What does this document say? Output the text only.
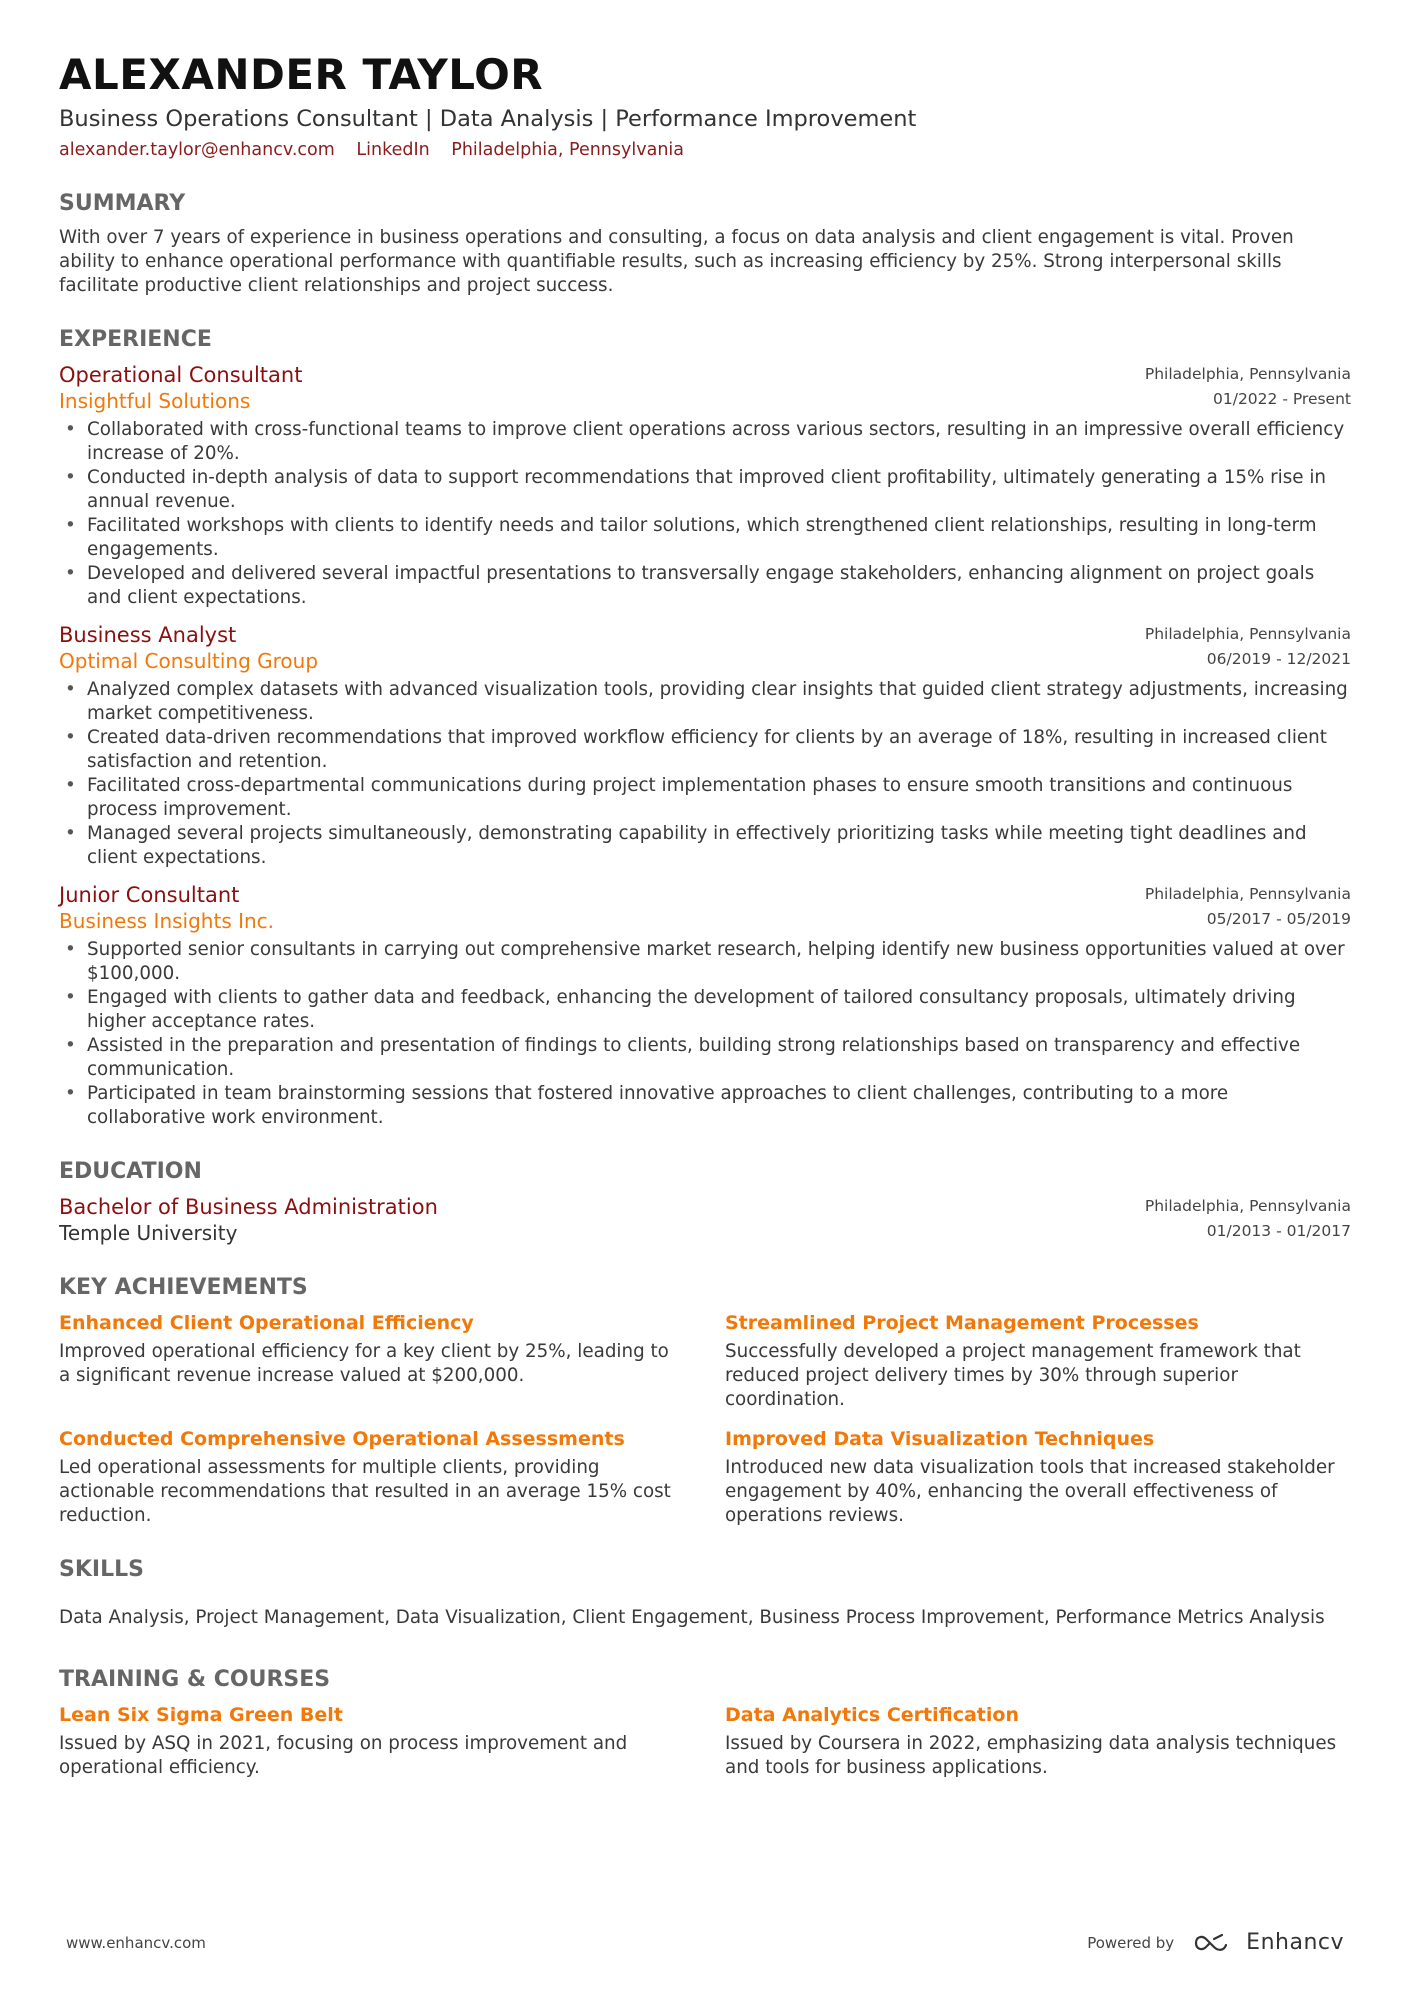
ALEXANDER TAYLOR
Business Operations Consultant | Data Analysis | Performance Improvement
alexander.taylor@enhancv.com LinkedIn Philadelphia, Pennsylvania
SUMMARY

With over 7 years of experience in business operations and consulting, a focus on data analysis and client engagement is vital. Proven ability to enhance operational performance with quantifiable results, such as increasing efficiency by 25%. Strong interpersonal skills facilitate productive client relationships and project success.

EXPERIENCE
Operational Consultant
Insightful Solutions
Philadelphia, Pennsylvania
01/2022 - Present
• Collaborated with cross-functional teams to improve client operations across various sectors, resulting in an impressive overall efficiency increase of 20%.
• Conducted in-depth analysis of data to support recommendations that improved client profitability, ultimately generating a 15% rise in annual revenue.
• Facilitated workshops with clients to identify needs and tailor solutions, which strengthened client relationships, resulting in long-term engagements.
• Developed and delivered several impactful presentations to transversally engage stakeholders, enhancing alignment on project goals and client expectations.
Business Analyst
Optimal Consulting Group
Philadelphia, Pennsylvania
06/2019 - 12/2021
• Analyzed complex datasets with advanced visualization tools, providing clear insights that guided client strategy adjustments, increasing market competitiveness.
• Created data-driven recommendations that improved workflow efficiency for clients by an average of 18%, resulting in increased client satisfaction and retention.
• Facilitated cross-departmental communications during project implementation phases to ensure smooth transitions and continuous process improvement.
• Managed several projects simultaneously, demonstrating capability in effectively prioritizing tasks while meeting tight deadlines and client expectations.
Junior Consultant
Business Insights Inc.
Philadelphia, Pennsylvania
05/2017 - 05/2019
• Supported senior consultants in carrying out comprehensive market research, helping identify new business opportunities valued at over $100,000.
• Engaged with clients to gather data and feedback, enhancing the development of tailored consultancy proposals, ultimately driving higher acceptance rates.
• Assisted in the preparation and presentation of findings to clients, building strong relationships based on transparency and effective communication.
• Participated in team brainstorming sessions that fostered innovative approaches to client challenges, contributing to a more collaborative work environment.
EDUCATION
Bachelor of Business Administration
Temple University
Philadelphia, Pennsylvania
01/2013 - 01/2017
KEY ACHIEVEMENTS
Enhanced Client Operational Efficiency
Improved operational efficiency for a key client by 25%, leading to a significant revenue increase valued at $200,000.
Streamlined Project Management Processes
Successfully developed a project management framework that reduced project delivery times by 30% through superior coordination.
Conducted Comprehensive Operational Assessments
Led operational assessments for multiple clients, providing actionable recommendations that resulted in an average 15% cost reduction.
Improved Data Visualization Techniques
Introduced new data visualization tools that increased stakeholder engagement by 40%, enhancing the overall effectiveness of operations reviews.
SKILLS
Data Analysis, Project Management, Data Visualization, Client Engagement, Business Process Improvement, Performance Metrics Analysis
TRAINING & COURSES
Lean Six Sigma Green Belt
Issued by ASQ in 2021, focusing on process improvement and operational efficiency.
Data Analytics Certification
Issued by Coursera in 2022, emphasizing data analysis techniques and tools for business applications.
www.enhancv.com	Powered by	Enhancv
